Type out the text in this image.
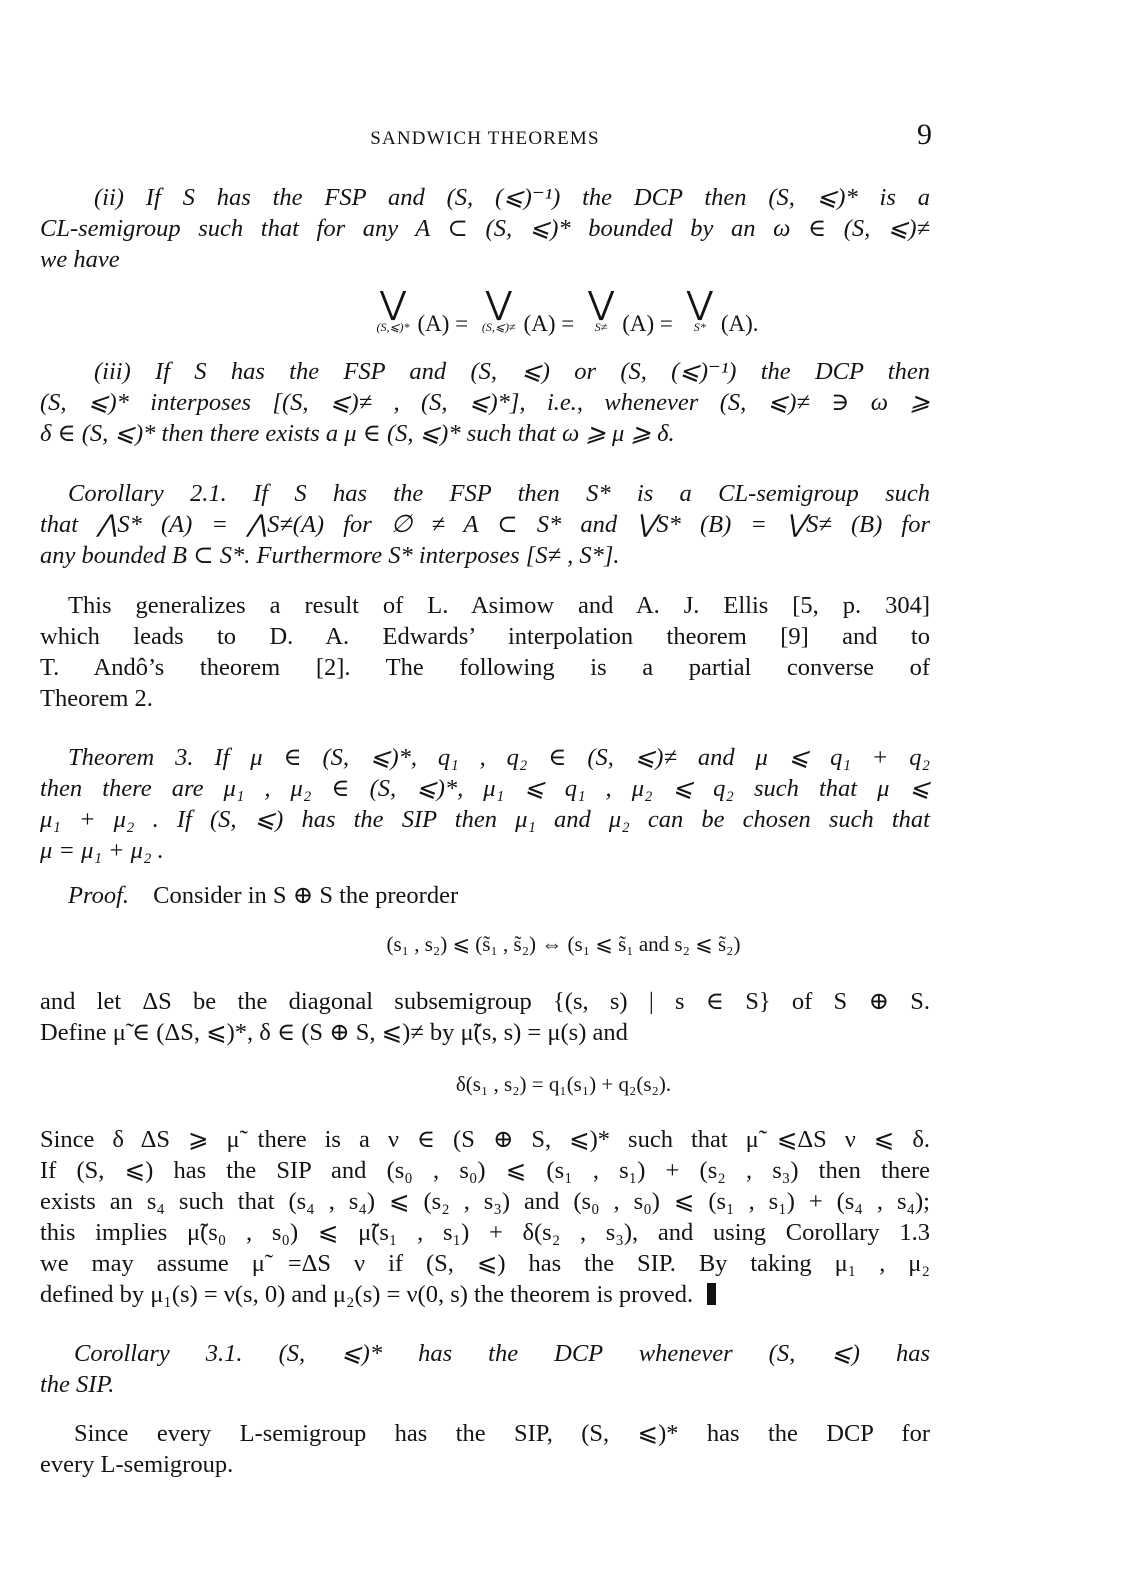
SANDWICH THEOREMS	9
(ii) If S has the FSP and (S, (⩽)⁻¹) the DCP then (S, ⩽)* is a
CL-semigroup such that for any A ⊂ (S, ⩽)* bounded by an ω ∈ (S, ⩽)≠
we have
⋁
(S,⩽)* (A) = ⋁
(S,⩽)≠ (A) = ⋁
S≠ (A) = ⋁
S* (A).
(iii) If S has the FSP and (S, ⩽) or (S, (⩽)⁻¹) the DCP then
(S, ⩽)* interposes [(S, ⩽)≠ , (S, ⩽)*], i.e., whenever (S, ⩽)≠ ∋ ω ⩾
δ ∈ (S, ⩽)* then there exists a μ ∈ (S, ⩽)* such that ω ⩾ μ ⩾ δ.
Corollary 2.1. If S has the FSP then S* is a CL-semigroup such
that ⋀S* (A) = ⋀S≠(A) for ∅ ≠ A ⊂ S* and ⋁S* (B) = ⋁S≠ (B) for
any bounded B ⊂ S*. Furthermore S* interposes [S≠ , S*].
This generalizes a result of L. Asimow and A. J. Ellis [5, p. 304]
which leads to D. A. Edwards’ interpolation theorem [9] and to
T. Andô’s theorem [2]. The following is a partial converse of
Theorem 2.
Theorem 3. If μ ∈ (S, ⩽)*, q₁ , q₂ ∈ (S, ⩽)≠ and μ ⩽ q₁ + q₂
then there are μ₁ , μ₂ ∈ (S, ⩽)*, μ₁ ⩽ q₁ , μ₂ ⩽ q₂ such that μ ⩽
μ₁ + μ₂ . If (S, ⩽) has the SIP then μ₁ and μ₂ can be chosen such that
μ = μ₁ + μ₂ .
Proof. Consider in S ⊕ S the preorder
(s₁ , s₂) ⩽ (s̃₁ , s̃₂) ⇔ (s₁ ⩽ s̃₁ and s₂ ⩽ s̃₂)
and let ΔS be the diagonal subsemigroup {(s, s) | s ∈ S} of S ⊕ S.
Define μ̃ ∈ (ΔS, ⩽)*, δ ∈ (S ⊕ S, ⩽)≠ by μ̃(s, s) = μ(s) and
δ(s₁ , s₂) = q₁(s₁) + q₂(s₂).
Since δ ΔS ⩾ μ̃ there is a ν ∈ (S ⊕ S, ⩽)* such that μ̃ ⩽ΔS ν ⩽ δ.
If (S, ⩽) has the SIP and (s₀ , s₀) ⩽ (s₁ , s₁) + (s₂ , s₃) then there
exists an s₄ such that (s₄ , s₄) ⩽ (s₂ , s₃) and (s₀ , s₀) ⩽ (s₁ , s₁) + (s₄ , s₄);
this implies μ̃(s₀ , s₀) ⩽ μ̃(s₁ , s₁) + δ(s₂ , s₃), and using Corollary 1.3
we may assume μ̃ =ΔS ν if (S, ⩽) has the SIP. By taking μ₁ , μ₂
defined by μ₁(s) = ν(s, 0) and μ₂(s) = ν(0, s) the theorem is proved.
Corollary 3.1. (S, ⩽)* has the DCP whenever (S, ⩽) has
the SIP.
Since every L-semigroup has the SIP, (S, ⩽)* has the DCP for
every L-semigroup.
